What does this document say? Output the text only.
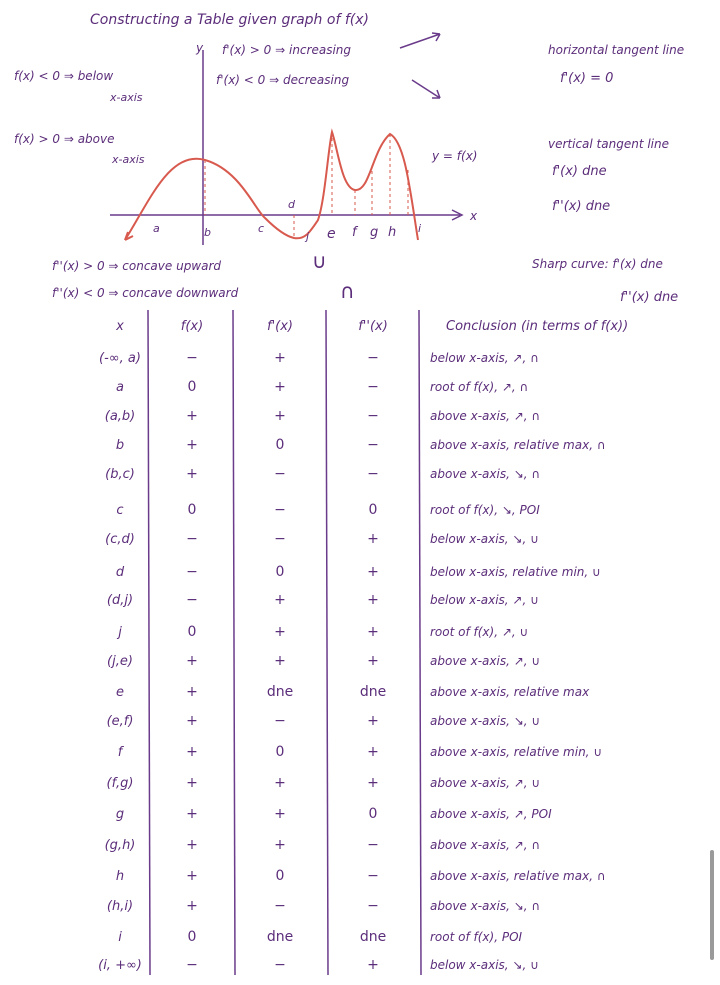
Constructing a Table given graph of f(x)
f(x) < 0 ⇒ below
x-axis
f(x) > 0 ⇒ above
x-axis
f'(x) > 0 ⇒ increasing
f'(x) < 0 ⇒ decreasing
horizontal tangent line
f'(x) = 0
vertical tangent line
f'(x) dne
f''(x) dne
x
y
y = f(x)
a	b	c
d
j e f g h i
f''(x) > 0 ⇒ concave upward	∪
f''(x) < 0 ⇒ concave downward	∩
Sharp curve: f'(x) dne
f''(x) dne
x	f(x)	f'(x)	f''(x)	Conclusion (in terms of f(x))
(-∞, a)	−	+	−	below x-axis, ↗, ∩
a	0	+	−	root of f(x), ↗, ∩
(a,b)	+	+	−	above x-axis, ↗, ∩
b	+	0	−	above x-axis, relative max, ∩
(b,c)	+	−	−	above x-axis, ↘, ∩
c	0	−	0	root of f(x), ↘, POI
(c,d)	−	−	+	below x-axis, ↘, ∪
d	−	0	+	below x-axis, relative min, ∪
(d,j)	−	+	+	below x-axis, ↗, ∪
j	0	+	+	root of f(x), ↗, ∪
(j,e)	+	+	+	above x-axis, ↗, ∪
e	+	dne	dne	above x-axis, relative max
(e,f)	+	−	+	above x-axis, ↘, ∪
f	+	0	+	above x-axis, relative min, ∪
(f,g)	+	+	+	above x-axis, ↗, ∪
g	+	+	0	above x-axis, ↗, POI
(g,h)	+	+	−	above x-axis, ↗, ∩
h	+	0	−	above x-axis, relative max, ∩
(h,i)	+	−	−	above x-axis, ↘, ∩
i	0	dne	dne	root of f(x), POI
(i, +∞)	−	−	+	below x-axis, ↘, ∪
